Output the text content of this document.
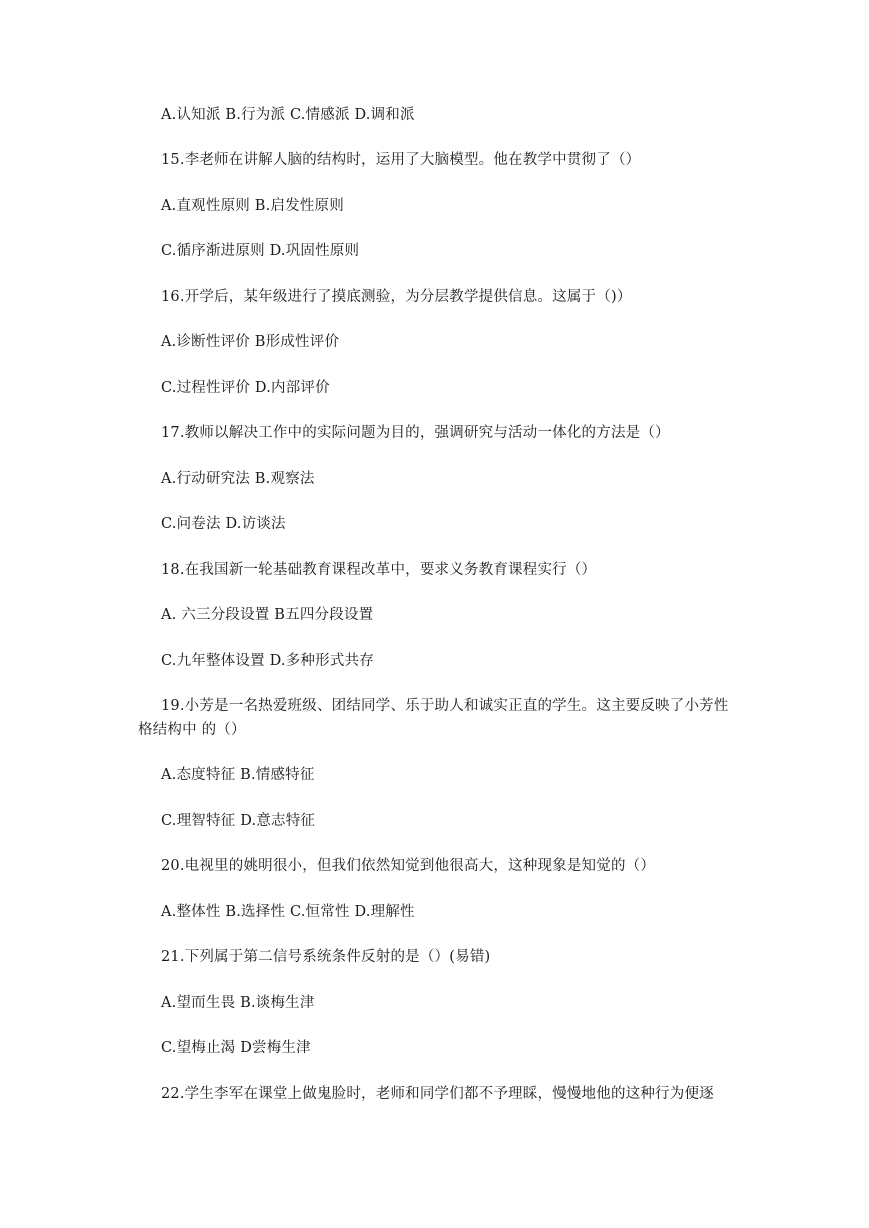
A.认知派 B.行为派 C.情感派 D.调和派
15.李老师在讲解人脑的结构时，运用了大脑模型。他在教学中贯彻了（）
A.直观性原则 B.启发性原则
C.循序渐进原则 D.巩固性原则
16.开学后，某年级进行了摸底测验，为分层教学提供信息。这属于（)）
A.诊断性评价 B形成性评价
C.过程性评价 D.内部评价
17.教师以解决工作中的实际问题为目的，强调研究与活动一体化的方法是（）
A.行动研究法 B.观察法
C.问卷法 D.访谈法
18.在我国新一轮基础教育课程改革中，要求义务教育课程实行（）
A. 六三分段设置 B五四分段设置
C.九年整体设置 D.多种形式共存
19.小芳是一名热爱班级、团结同学、乐于助人和诚实正直的学生。这主要反映了小芳性格结构中 的（）
A.态度特征 B.情感特征
C.理智特征 D.意志特征
20.电视里的姚明很小，但我们依然知觉到他很高大，这种现象是知觉的（）
A.整体性 B.选择性 C.恒常性 D.理解性
21.下列属于第二信号系统条件反射的是（）(易错)
A.望而生畏 B.谈梅生津
C.望梅止渴 D尝梅生津
22.学生李军在课堂上做鬼脸时，老师和同学们都不予理睬，慢慢地他的这种行为便逐
